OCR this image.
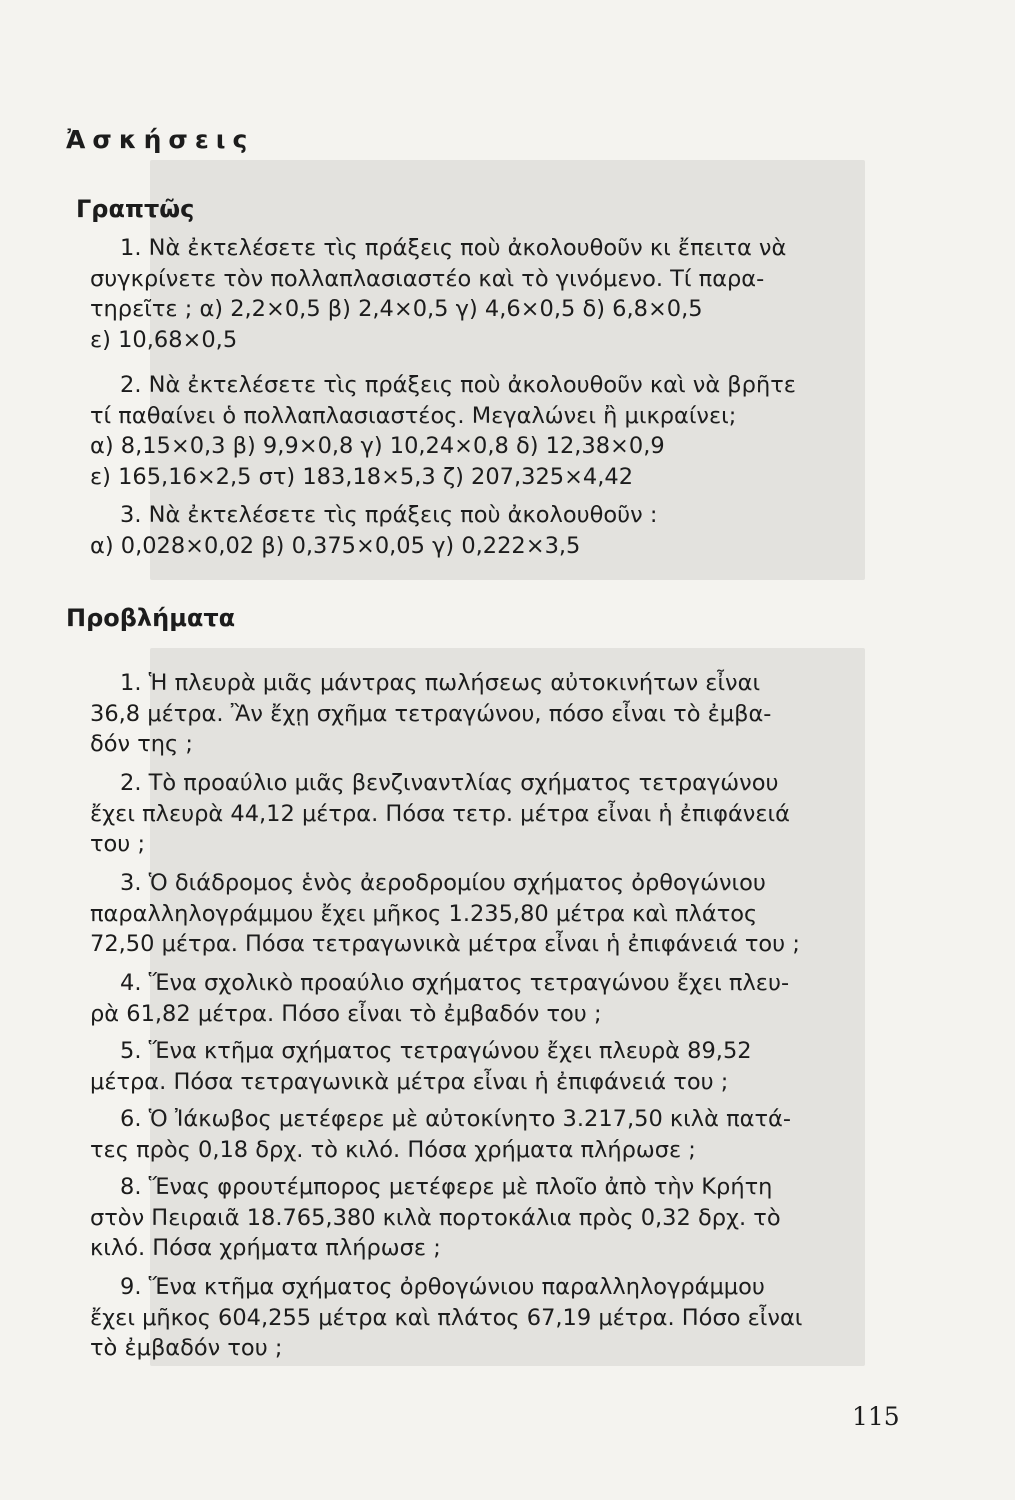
Ἀσκήσεις
Γραπτῶς
1. Νὰ ἐκτελέσετε τὶς πράξεις ποὺ ἀκολουθοῦν κι ἔπειτα νὰ
συγκρίνετε τὸν πολλαπλασιαστέο καὶ τὸ γινόμενο. Τί παρα-
τηρεῖτε ; α) 2,2×0,5 β) 2,4×0,5 γ) 4,6×0,5 δ) 6,8×0,5
ε) 10,68×0,5
2. Νὰ ἐκτελέσετε τὶς πράξεις ποὺ ἀκολουθοῦν καὶ νὰ βρῆτε
τί παθαίνει ὁ πολλαπλασιαστέος. Μεγαλώνει ἢ μικραίνει;
α) 8,15×0,3 β) 9,9×0,8 γ) 10,24×0,8 δ) 12,38×0,9
ε) 165,16×2,5 στ) 183,18×5,3 ζ) 207,325×4,42
3. Νὰ ἐκτελέσετε τὶς πράξεις ποὺ ἀκολουθοῦν :
α) 0,028×0,02 β) 0,375×0,05 γ) 0,222×3,5
Προβλήματα
1. Ἡ πλευρὰ μιᾶς μάντρας πωλήσεως αὐτοκινήτων εἶναι
36,8 μέτρα. Ἂν ἔχῃ σχῆμα τετραγώνου, πόσο εἶναι τὸ ἐμβα-
δόν της ;
2. Τὸ προαύλιο μιᾶς βενζιναντλίας σχήματος τετραγώνου
ἔχει πλευρὰ 44,12 μέτρα. Πόσα τετρ. μέτρα εἶναι ἡ ἐπιφάνειά
του ;
3. Ὁ διάδρομος ἑνὸς ἀεροδρομίου σχήματος ὀρθογώνιου
παραλληλογράμμου ἔχει μῆκος 1.235,80 μέτρα καὶ πλάτος
72,50 μέτρα. Πόσα τετραγωνικὰ μέτρα εἶναι ἡ ἐπιφάνειά του ;
4. Ἕνα σχολικὸ προαύλιο σχήματος τετραγώνου ἔχει πλευ-
ρὰ 61,82 μέτρα. Πόσο εἶναι τὸ ἐμβαδόν του ;
5. Ἕνα κτῆμα σχήματος τετραγώνου ἔχει πλευρὰ 89,52
μέτρα. Πόσα τετραγωνικὰ μέτρα εἶναι ἡ ἐπιφάνειά του ;
6. Ὁ Ἰάκωβος μετέφερε μὲ αὐτοκίνητο 3.217,50 κιλὰ πατά-
τες πρὸς 0,18 δρχ. τὸ κιλό. Πόσα χρήματα πλήρωσε ;
8. Ἕνας φρουτέμπορος μετέφερε μὲ πλοῖο ἀπὸ τὴν Κρήτη
στὸν Πειραιᾶ 18.765,380 κιλὰ πορτοκάλια πρὸς 0,32 δρχ. τὸ
κιλό. Πόσα χρήματα πλήρωσε ;
9. Ἕνα κτῆμα σχήματος ὀρθογώνιου παραλληλογράμμου
ἔχει μῆκος 604,255 μέτρα καὶ πλάτος 67,19 μέτρα. Πόσο εἶναι
τὸ ἐμβαδόν του ;

115
